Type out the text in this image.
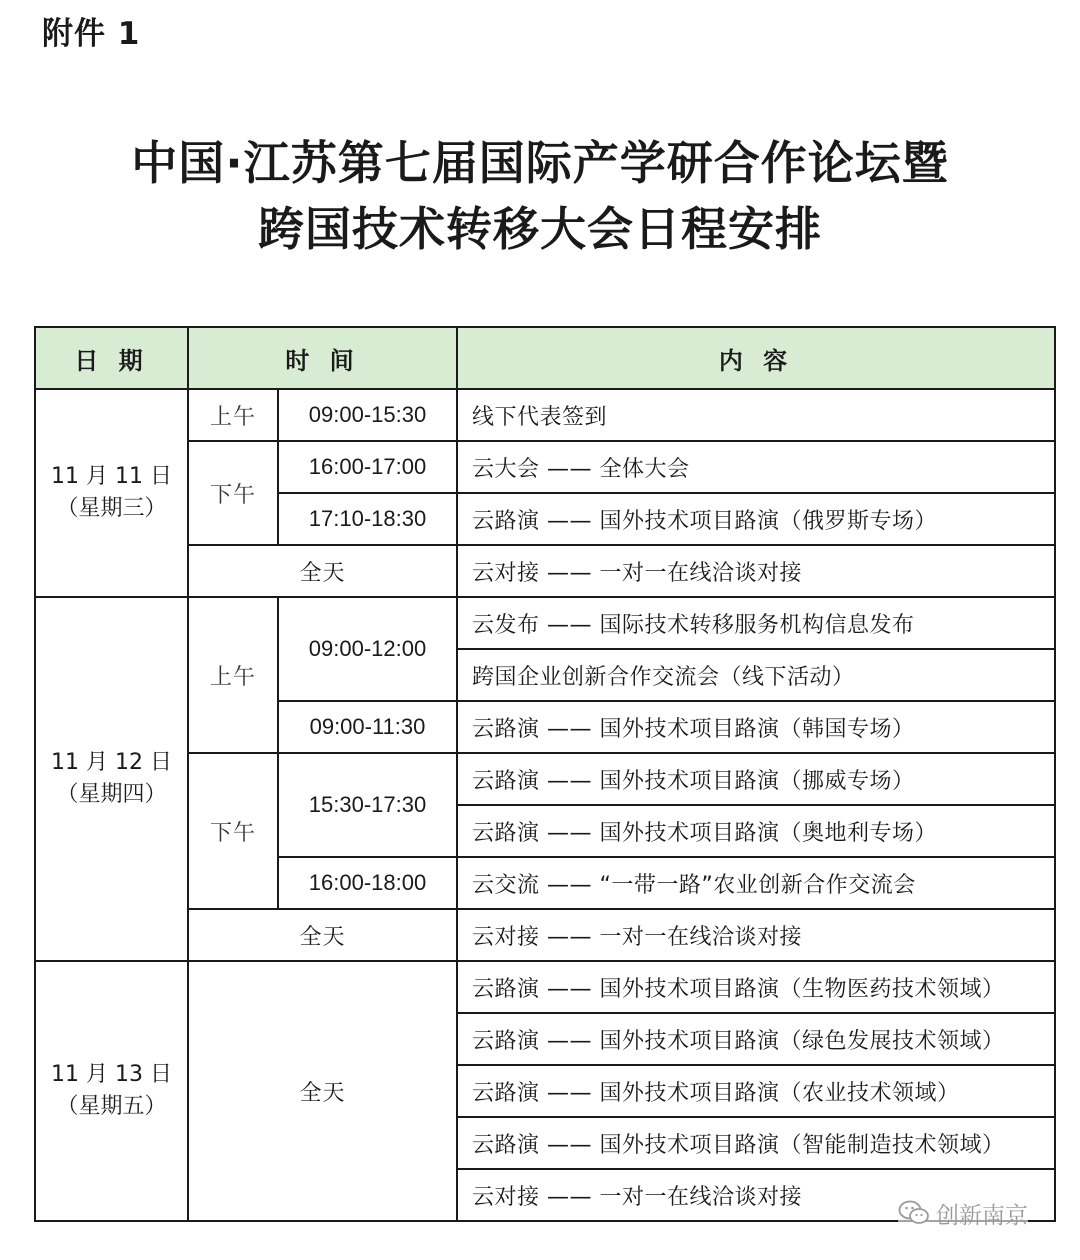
附件 1
中国·江苏第七届国际产学研合作论坛暨
跨国技术转移大会日程安排
日 期	时 间		内 容

11 月 11 日
（星期三）	上午	09:00-15:30	线下代表签到
	下午	16:00-17:00	云大会 —— 全体大会
		17:10-18:30	云路演 —— 国外技术项目路演（俄罗斯专场）
	全天		云对接 —— 一对一在线洽谈对接

11 月 12 日
（星期四）	上午	09:00-12:00	云发布 —— 国际技术转移服务机构信息发布
			跨国企业创新合作交流会（线下活动）
		09:00-11:30	云路演 —— 国外技术项目路演（韩国专场）
	下午	15:30-17:30	云路演 —— 国外技术项目路演（挪威专场）
			云路演 —— 国外技术项目路演（奥地利专场）
		16:00-18:00	云交流 —— “一带一路”农业创新合作交流会
	全天		云对接 —— 一对一在线洽谈对接

11 月 13 日
（星期五）	全天		云路演 —— 国外技术项目路演（生物医药技术领域）
			云路演 —— 国外技术项目路演（绿色发展技术领域）
			云路演 —— 国外技术项目路演（农业技术领域）
			云路演 —— 国外技术项目路演（智能制造技术领域）
			云对接 —— 一对一在线洽谈对接
创新南京
